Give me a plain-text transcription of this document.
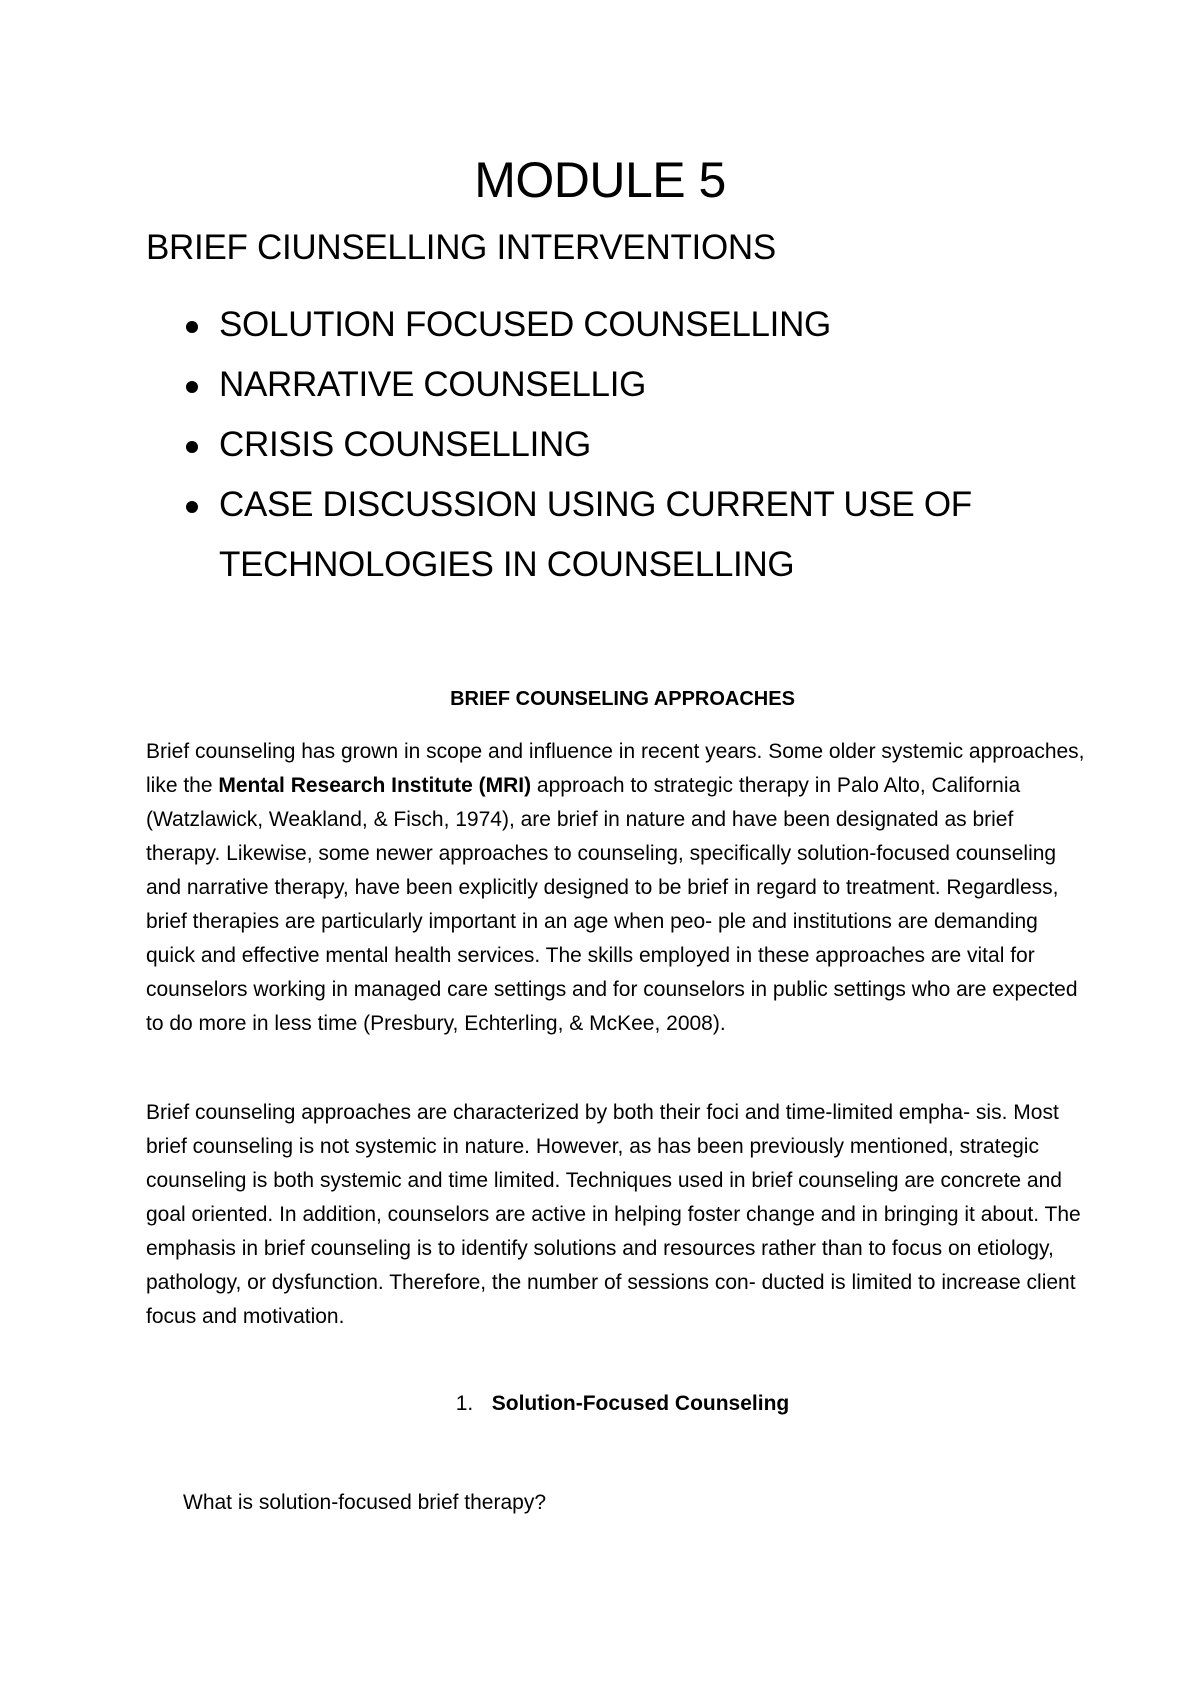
MODULE 5
BRIEF CIUNSELLING INTERVENTIONS
SOLUTION FOCUSED COUNSELLING
NARRATIVE COUNSELLIG
CRISIS COUNSELLING
CASE DISCUSSION USING CURRENT USE OF TECHNOLOGIES IN COUNSELLING
BRIEF COUNSELING APPROACHES

Brief counseling has grown in scope and influence in recent years. Some older systemic approaches, like the Mental Research Institute (MRI) approach to strategic therapy in Palo Alto, California (Watzlawick, Weakland, & Fisch, 1974), are brief in nature and have been designated as brief therapy. Likewise, some newer approaches to counseling, specifically solution-focused counseling and narrative therapy, have been explicitly designed to be brief in regard to treatment. Regardless, brief therapies are particularly important in an age when peo- ple and institutions are demanding quick and effective mental health services. The skills employed in these approaches are vital for counselors working in managed care settings and for counselors in public settings who are expected to do more in less time (Presbury, Echterling, & McKee, 2008).

Brief counseling approaches are characterized by both their foci and time-limited empha- sis. Most brief counseling is not systemic in nature. However, as has been previously mentioned, strategic counseling is both systemic and time limited. Techniques used in brief counseling are concrete and goal oriented. In addition, counselors are active in helping foster change and in bringing it about. The emphasis in brief counseling is to identify solutions and resources rather than to focus on etiology, pathology, or dysfunction. Therefore, the number of sessions con- ducted is limited to increase client focus and motivation.

1. Solution-Focused Counseling

What is solution-focused brief therapy?
